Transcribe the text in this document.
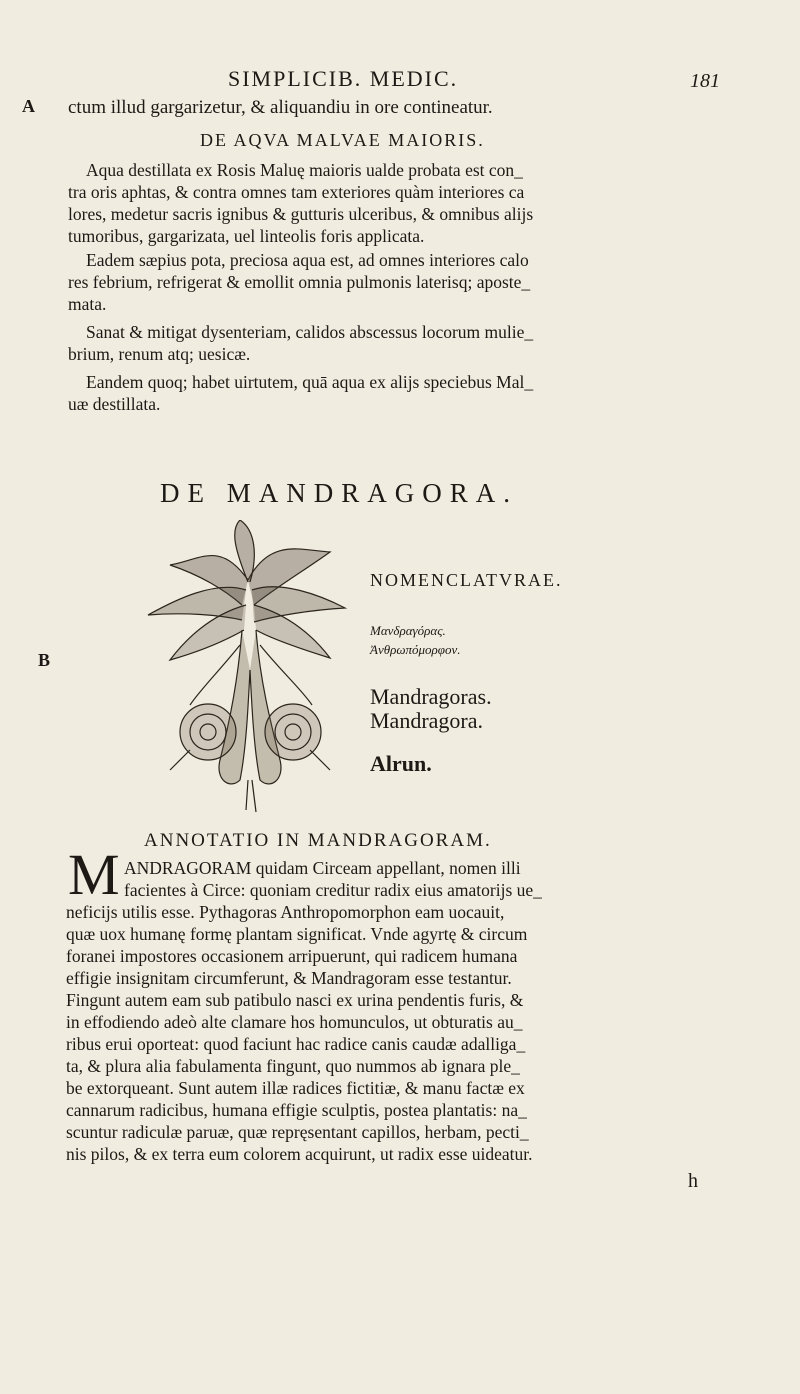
A
B
SIMPLICIB. MEDIC.	181
ctum illud gargarizetur, & aliquandiu in ore contineatur.
DE AQVA MALVAE MAIORIS.
Aqua destillata ex Rosis Maluę maioris ualde probata est con_
tra oris aphtas, & contra omnes tam exteriores quàm interiores ca
lores, medetur sacris ignibus & gutturis ulceribus, & omnibus alijs
tumoribus, gargarizata, uel linteolis foris applicata.
Eadem sæpius pota, preciosa aqua est, ad omnes interiores calo
res febrium, refrigerat & emollit omnia pulmonis laterisq; aposte_
mata.
Sanat & mitigat dysenteriam, calidos abscessus locorum mulie_
brium, renum atq; uesicæ.
Eandem quoq; habet uirtutem, quā aqua ex alijs speciebus Mal_
uæ destillata.
DE MANDRAGORA.
NOMENCLATVRAE.
Μανδραγόρας.
Ἀνθρωπόμορφον.
Mandragoras.
Mandragora.
Alrun.
ANNOTATIO IN MANDRAGORAM.
M ANDRAGORAM quidam Circeam appellant, nomen illi
facientes à Circe: quoniam creditur radix eius amatorijs ue_
neficijs utilis esse. Pythagoras Anthropomorphon eam uocauit,
quæ uox humanę formę plantam significat. Vnde agyrtę & circum
foranei impostores occasionem arripuerunt, qui radicem humana
effigie insignitam circumferunt, & Mandragoram esse testantur.
Fingunt autem eam sub patibulo nasci ex urina pendentis furis, &
in effodiendo adeò alte clamare hos homunculos, ut obturatis au_
ribus erui oporteat: quod faciunt hac radice canis caudæ adalliga_
ta, & plura alia fabulamenta fingunt, quo nummos ab ignara ple_
be extorqueant. Sunt autem illæ radices fictitiæ, & manu factæ ex
cannarum radicibus, humana effigie sculptis, postea plantatis: na_
scuntur radiculæ paruæ, quæ repręsentant capillos, herbam, pecti_
nis pilos, & ex terra eum colorem acquirunt, ut radix esse uideatur.
h
